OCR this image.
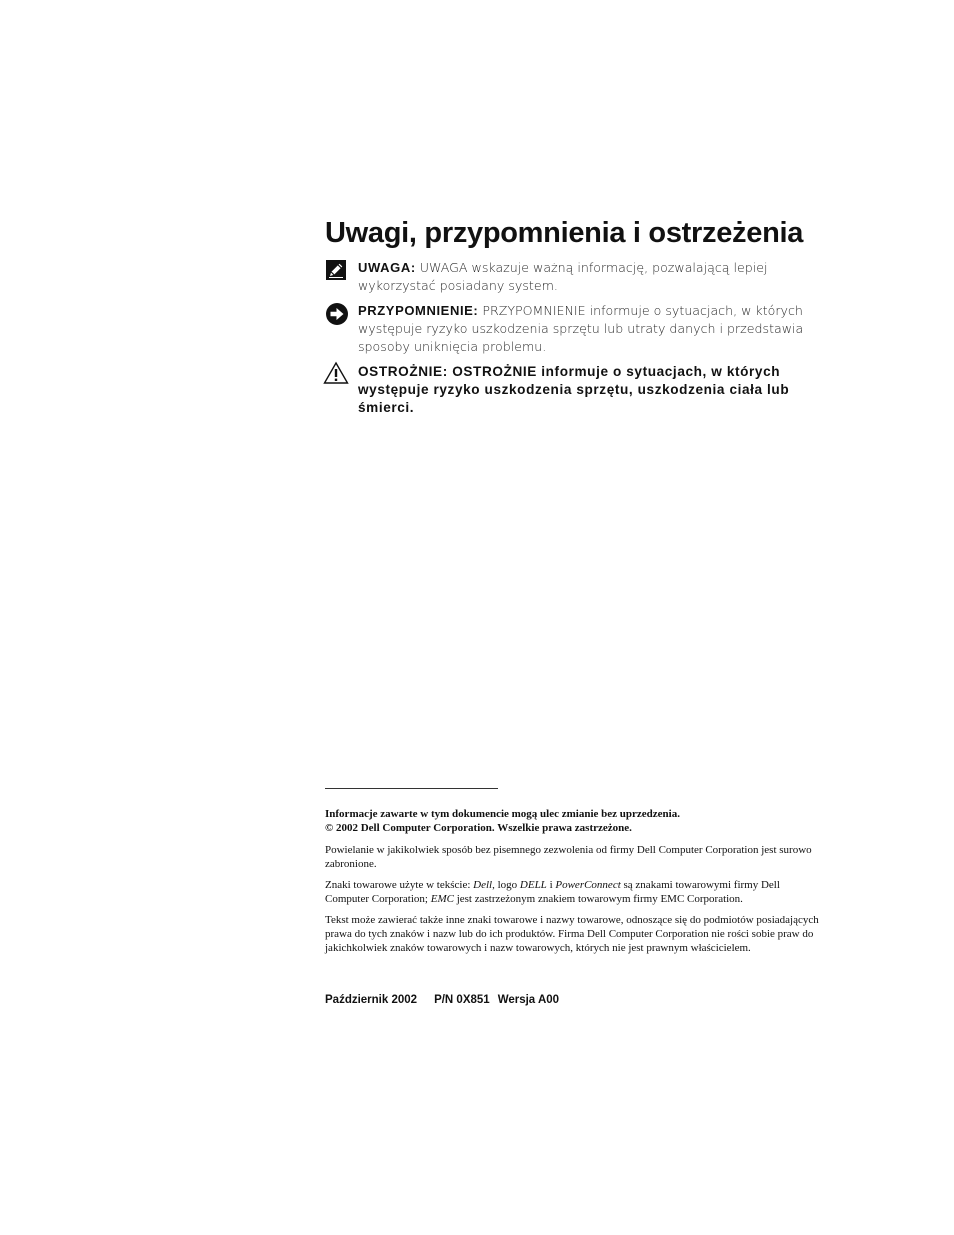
Uwagi, przypomnienia i ostrzeżenia
UWAGA: UWAGA wskazuje ważną informację, pozwalającą lepiej wykorzystać posiadany system.
PRZYPOMNIENIE: PRZYPOMNIENIE informuje o sytuacjach, w których występuje ryzyko uszkodzenia sprzętu lub utraty danych i przedstawia sposoby uniknięcia problemu.
OSTROŻNIE: OSTROŻNIE informuje o sytuacjach, w których występuje ryzyko uszkodzenia sprzętu, uszkodzenia ciała lub śmierci.
Informacje zawarte w tym dokumencie mogą ulec zmianie bez uprzedzenia.
© 2002 Dell Computer Corporation. Wszelkie prawa zastrzeżone.
Powielanie w jakikolwiek sposób bez pisemnego zezwolenia od firmy Dell Computer Corporation jest surowo zabronione.
Znaki towarowe użyte w tekście: Dell, logo DELL i PowerConnect są znakami towarowymi firmy Dell Computer Corporation; EMC jest zastrzeżonym znakiem towarowym firmy EMC Corporation.
Tekst może zawierać także inne znaki towarowe i nazwy towarowe, odnoszące się do podmiotów posiadających prawa do tych znaków i nazw lub do ich produktów. Firma Dell Computer Corporation nie rości sobie praw do jakichkolwiek znaków towarowych i nazw towarowych, których nie jest prawnym właścicielem.
Październik 2002 P/N 0X851 Wersja A00
